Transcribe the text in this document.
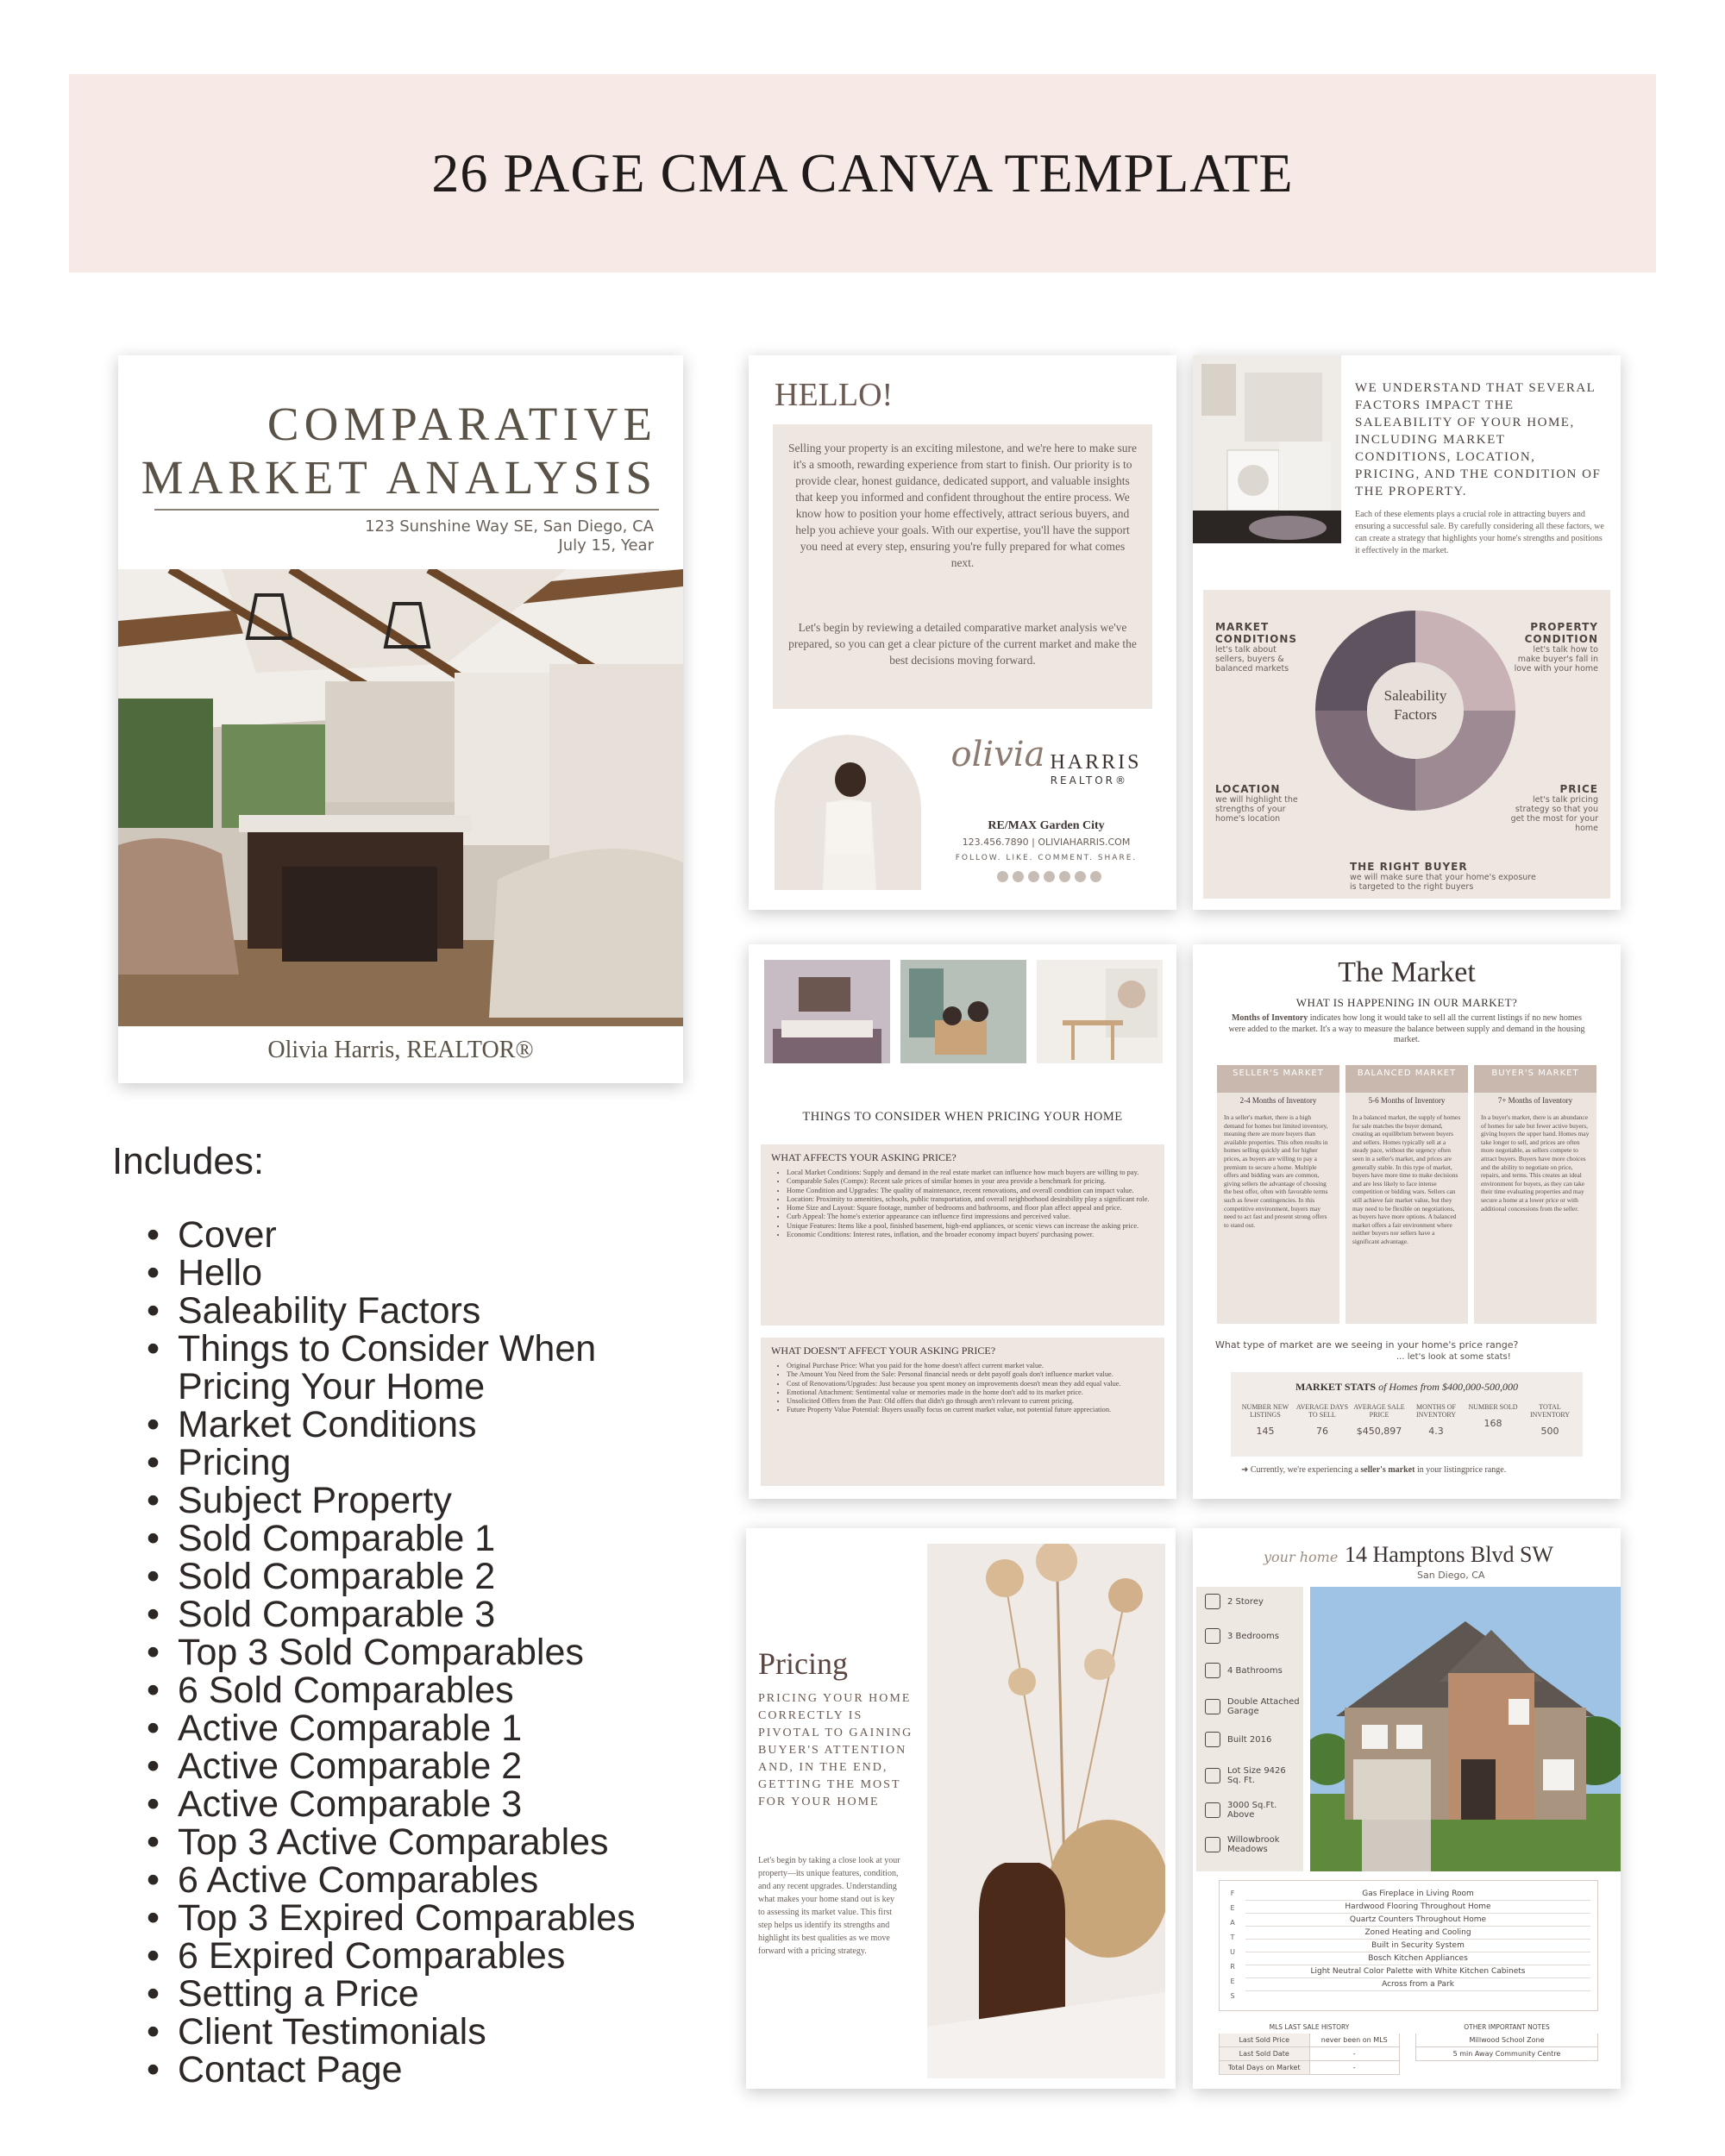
26 PAGE CMA CANVA TEMPLATE
COMPARATIVE
MARKET ANALYSIS
123 Sunshine Way SE, San Diego, CA
July 15, Year
Olivia Harris, REALTOR®
Includes:
• Cover
• Hello
• Saleability Factors
• Things to Consider When
Pricing Your Home
• Market Conditions
• Pricing
• Subject Property
• Sold Comparable 1
• Sold Comparable 2
• Sold Comparable 3
• Top 3 Sold Comparables
• 6 Sold Comparables
• Active Comparable 1
• Active Comparable 2
• Active Comparable 3
• Top 3 Active Comparables
• 6 Active Comparables
• Top 3 Expired Comparables
• 6 Expired Comparables
• Setting a Price
• Client Testimonials
• Contact Page
HELLO!
Selling your property is an exciting milestone, and we're here to make sure it's a smooth, rewarding experience from start to finish. Our priority is to provide clear, honest guidance, dedicated support, and valuable insights that keep you informed and confident throughout the entire process. We know how to position your home effectively, attract serious buyers, and help you achieve your goals. With our expertise, you'll have the support you need at every step, ensuring you're fully prepared for what comes next.
Let's begin by reviewing a detailed comparative market analysis we've prepared, so you can get a clear picture of the current market and make the best decisions moving forward.
olivia HARRIS
REALTOR®
RE/MAX Garden City
123.456.7890 | OLIVIAHARRIS.COM
FOLLOW. LIKE. COMMENT. SHARE.
WE UNDERSTAND THAT SEVERAL FACTORS IMPACT THE SALEABILITY OF YOUR HOME, INCLUDING MARKET CONDITIONS, LOCATION, PRICING, AND THE CONDITION OF THE PROPERTY.
Each of these elements plays a crucial role in attracting buyers and ensuring a successful sale. By carefully considering all these factors, we can create a strategy that highlights your home's strengths and positions it effectively in the market.
Saleability
Factors
MARKET CONDITIONS
let's talk about sellers, buyers & balanced markets
PROPERTY CONDITION
let's talk how to make buyer's fall in love with your home
LOCATION
we will highlight the strengths of your home's location
PRICE
let's talk pricing strategy so that you get the most for your home
THE RIGHT BUYER
we will make sure that your home's exposure is targeted to the right buyers
THINGS TO CONSIDER WHEN PRICING YOUR HOME
WHAT AFFECTS YOUR ASKING PRICE?
• Local Market Conditions: Supply and demand in the real estate market can influence how much buyers are willing to pay.
• Comparable Sales (Comps): Recent sale prices of similar homes in your area provide a benchmark for pricing.
• Home Condition and Upgrades: The quality of maintenance, recent renovations, and overall condition can impact value.
• Location: Proximity to amenities, schools, public transportation, and overall neighborhood desirability play a significant role.
• Home Size and Layout: Square footage, number of bedrooms and bathrooms, and floor plan affect appeal and price.
• Curb Appeal: The home's exterior appearance can influence first impressions and perceived value.
• Unique Features: Items like a pool, finished basement, high-end appliances, or scenic views can increase the asking price.
• Economic Conditions: Interest rates, inflation, and the broader economy impact buyers' purchasing power.
WHAT DOESN'T AFFECT YOUR ASKING PRICE?
• Original Purchase Price: What you paid for the home doesn't affect current market value.
• The Amount You Need from the Sale: Personal financial needs or debt payoff goals don't influence market value.
• Cost of Renovations/Upgrades: Just because you spent money on improvements doesn't mean they add equal value.
• Emotional Attachment: Sentimental value or memories made in the home don't add to its market price.
• Unsolicited Offers from the Past: Old offers that didn't go through aren't relevant to current pricing.
• Future Property Value Potential: Buyers usually focus on current market value, not potential future appreciation.
The Market
WHAT IS HAPPENING IN OUR MARKET?
Months of Inventory indicates how long it would take to sell all the current listings if no new homes were added to the market. It's a way to measure the balance between supply and demand in the housing market.
SELLER'S MARKET
2-4 Months of Inventory
In a seller's market, there is a high demand for homes but limited inventory, meaning there are more buyers than available properties. This often results in homes selling quickly and for higher prices, as buyers are willing to pay a premium to secure a home. Multiple offers and bidding wars are common, giving sellers the advantage of choosing the best offer, often with favorable terms such as fewer contingencies. In this competitive environment, buyers may need to act fast and present strong offers to stand out.
BALANCED MARKET
5-6 Months of Inventory
In a balanced market, the supply of homes for sale matches the buyer demand, creating an equilibrium between buyers and sellers. Homes typically sell at a steady pace, without the urgency often seen in a seller's market, and prices are generally stable. In this type of market, buyers have more time to make decisions and are less likely to face intense competition or bidding wars. Sellers can still achieve fair market value, but they may need to be flexible on negotiations, as buyers have more options. A balanced market offers a fair environment where neither buyers nor sellers have a significant advantage.
BUYER'S MARKET
7+ Months of Inventory
In a buyer's market, there is an abundance of homes for sale but fewer active buyers, giving buyers the upper hand. Homes may take longer to sell, and prices are often more negotiable, as sellers compete to attract buyers. Buyers have more choices and the ability to negotiate on price, repairs, and terms. This creates an ideal environment for buyers, as they can take their time evaluating properties and may secure a home at a lower price or with additional concessions from the seller.
What type of market are we seeing in your home's price range?
... let's look at some stats!
MARKET STATS of Homes from $400,000-500,000
NUMBER NEW LISTINGS
145
AVERAGE DAYS TO SELL
76
AVERAGE SALE PRICE
$450,897
MONTHS OF INVENTORY
4.3
NUMBER SOLD
168
TOTAL INVENTORY
500
➜ Currently, we're experiencing a seller's market in your listingprice range.
Pricing
PRICING YOUR HOME CORRECTLY IS PIVOTAL TO GAINING BUYER'S ATTENTION AND, IN THE END, GETTING THE MOST FOR YOUR HOME
Let's begin by taking a close look at your property—its unique features, condition, and any recent upgrades. Understanding what makes your home stand out is key to assessing its market value. This first step helps us identify its strengths and highlight its best qualities as we move forward with a pricing strategy.
your home 14 Hamptons Blvd SW
San Diego, CA
2 Storey
3 Bedrooms
4 Bathrooms
Double Attached Garage
Built 2016
Lot Size 9426 Sq. Ft.
3000 Sq.Ft. Above
Willowbrook Meadows
F
E
A
T
U
R
E
S
Gas Fireplace in Living Room
Hardwood Flooring Throughout Home
Quartz Counters Throughout Home
Zoned Heating and Cooling
Built in Security System
Bosch Kitchen Appliances
Light Neutral Color Palette with White Kitchen Cabinets
Across from a Park
MLS LAST SALE HISTORY
Last Sold Price	never been on MLS
Last Sold Date	-
Total Days on Market	-
OTHER IMPORTANT NOTES
Millwood School Zone
5 min Away Community Centre
